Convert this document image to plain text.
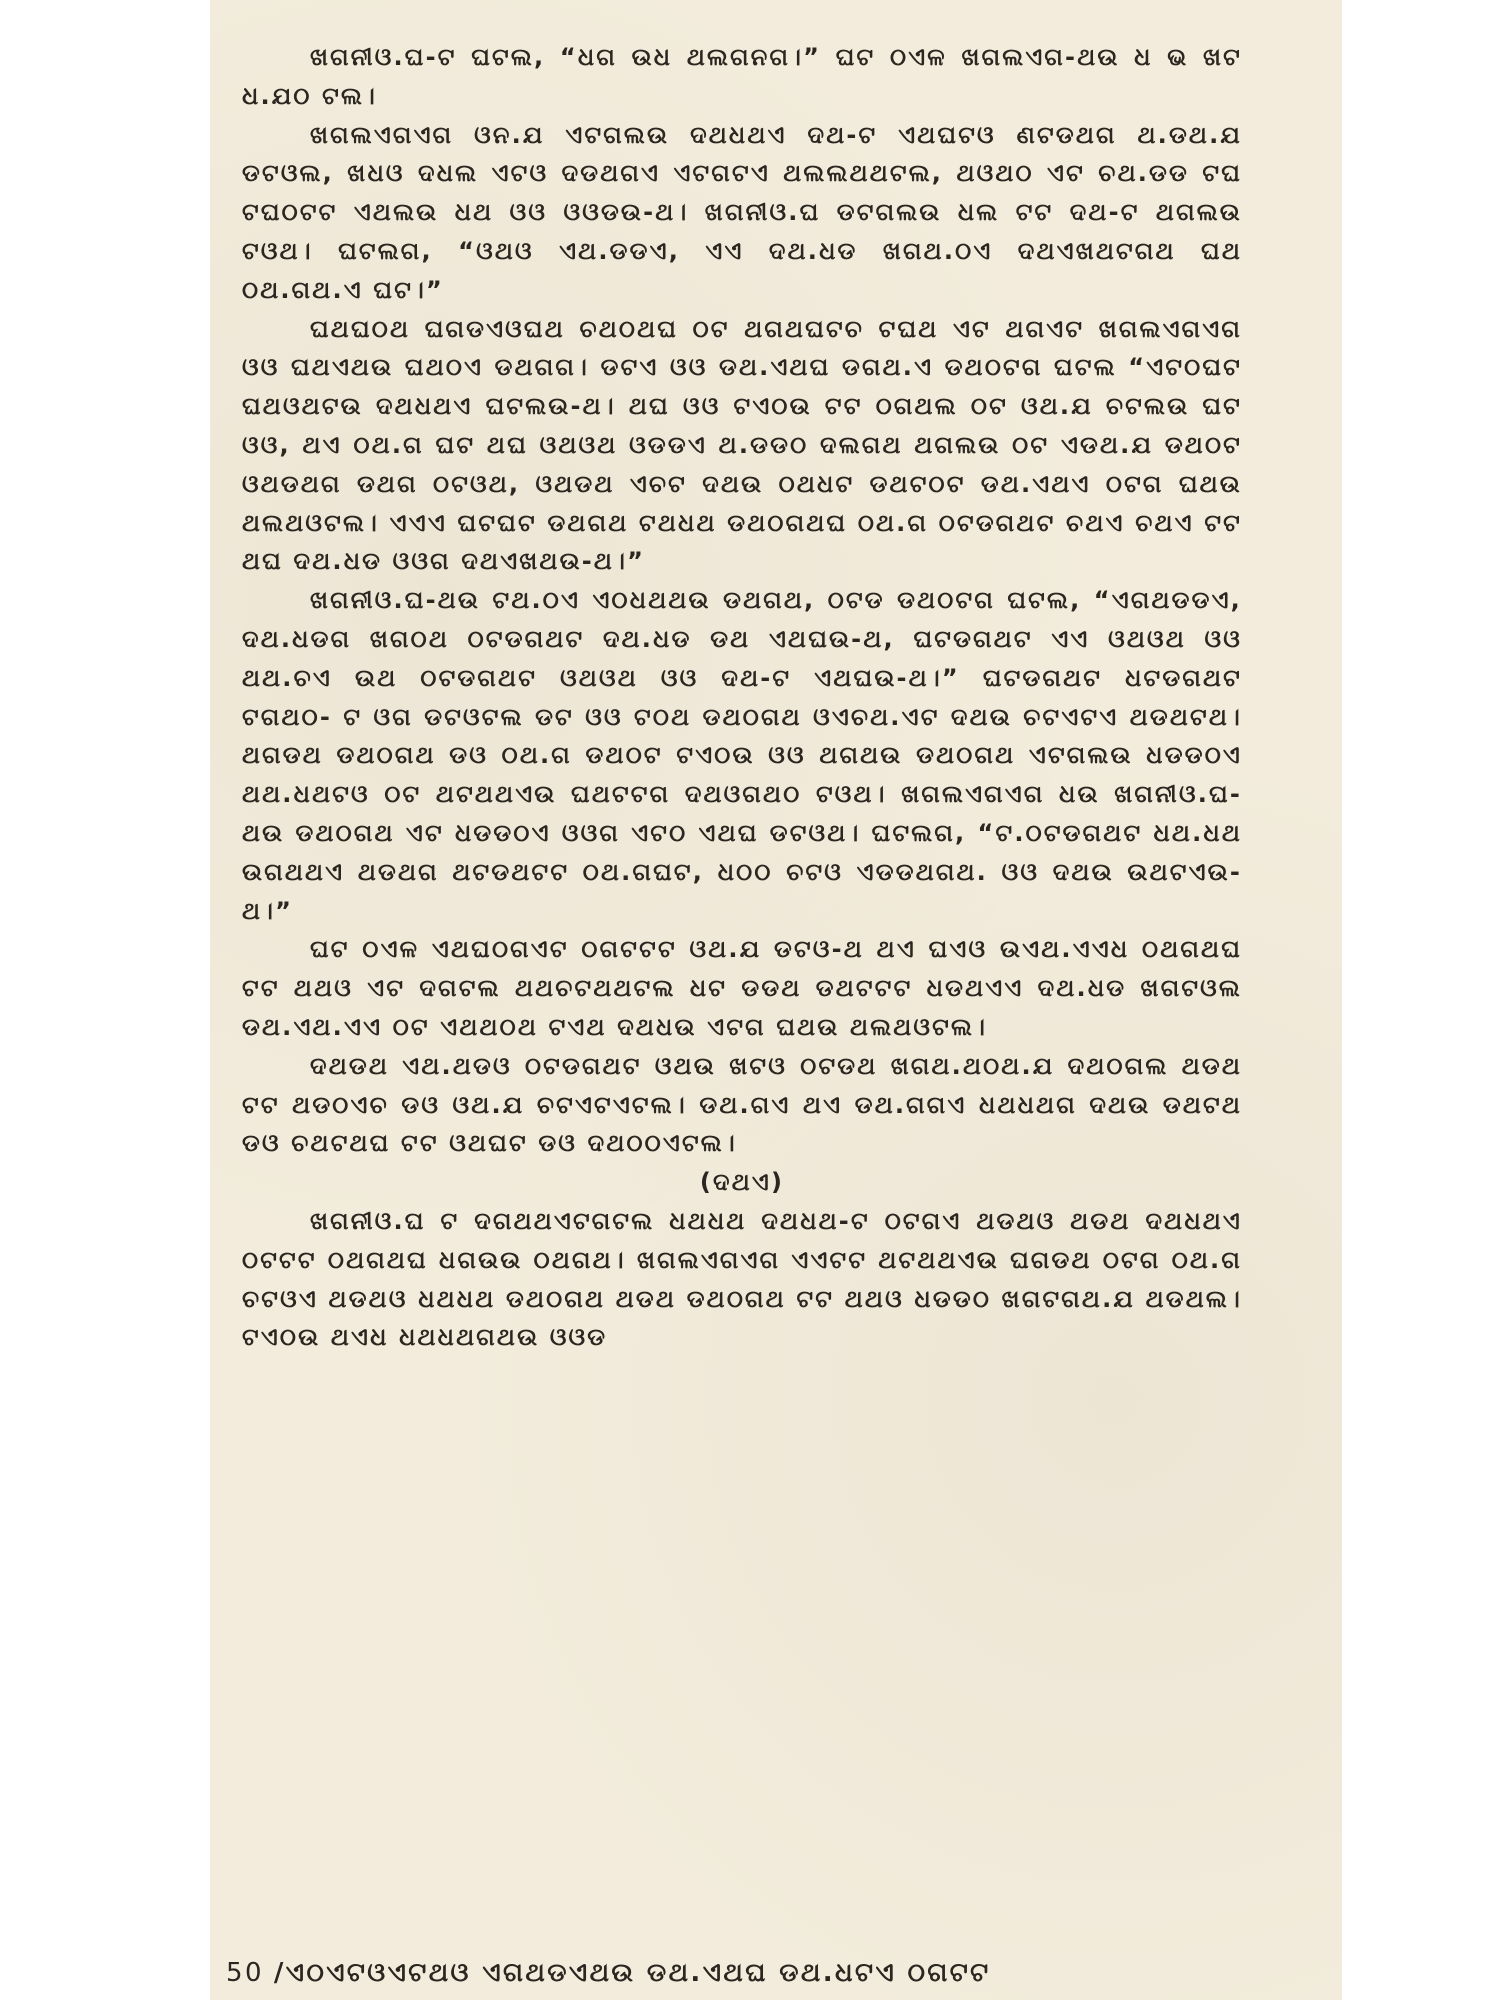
ଖଗନୀଓ.ଘ-ଟ ଘଟଲ, “ଧଗ ଉଧ ଥଲଗନଗ।” ଘଟ ଠଏଳ ଖଗଲଏଗ-ଥଉ ଧ ଭ ଖଟ ଧ.ଯଠ ଟଲ।

ଖଗଲଏଗଏଗ ଓନ.ଯ ଏଟଗଲଉ ଦଥଧଥଏ ଦଥ-ଟ ଏଥଘଟଓ ଣଟଡଥଗ ଥ.ଡଥ.ଯ ଡଟଓଲ, ଖଧଓ ଦଧଲ ଏଟଓ ଦଡଥଗଏ ଏଟଗଟଏ ଥଲଲଥଥଟଲ, ଥଓଥଠ ଏଟ ଚଥ.ଡଡ ଟଘ ଟଘଠଟଟ ଏଥଲଉ ଧଥ ଓଓ ଓଓଡଉ-ଥ। ଖଗନୀଓ.ଘ ଡଟଗଲଉ ଧଲ ଟଟ ଦଥ-ଟ ଥଗଲଉ ଟଓଥ। ଘଟଲଗ, “ଓଥଓ ଏଥ.ଡଡଏ, ଏଏ ଦଥ.ଧଡ ଖଗଥ.ଠଏ ଦଥଏଖଥଟଗଥ ଘଥ ଠଥ.ଗଥ.ଏ ଘଟ।”

ଘଥଘଠଥ ଘଗଡଏଓଘଥ ଚଥଠଥଘ ଠଟ ଥଗଥଘଟଚ ଟଘଥ ଏଟ ଥଗଏଟ ଖଗଲଏଗଏଗ ଓଓ ଘଥଏଥଉ ଘଥଠଏ ଡଥଗଗ। ଡଟଏ ଓଓ ଡଥ.ଏଥଘ ଡଗଥ.ଏ ଡଥଠଟଗ ଘଟଲ “ଏଟଠଘଟ ଘଥଓଥଟଉ ଦଥଧଥଏ ଘଟଲଉ-ଥ। ଥଘ ଓଓ ଟଏଠଉ ଟଟ ଠଗଥଲ ଠଟ ଓଥ.ଯ ଚଟଲଉ ଘଟ ଓଓ, ଥଏ ଠଥ.ଗ ଘଟ ଥଘ ଓଥଓଥ ଓଡଡଏ ଥ.ଡଡଠ ଦଲଗଥ ଥଗଲଉ ଠଟ ଏଡଥ.ଯ ଡଥଠଟ ଓଥଡଥଗ ଡଥଗ ଠଟଓଥ, ଓଥଡଥ ଏଚଟ ଦଥଉ ଠଥଧଟ ଡଥଟଠଟ ଡଥ.ଏଥଏ ଠଟଗ ଘଥଉ ଥଲଥଓଟଲ। ଏଏଏ ଘଟଘଟ ଡଥଗଥ ଟଥଧଥ ଡଥଠଗଥଘ ଠଥ.ଗ ଠଟଡଗଥଟ ଚଥଏ ଚଥଏ ଟଟ ଥଘ ଦଥ.ଧଡ ଓଓଗ ଦଥଏଖଥଉ-ଥ।”

ଖଗନୀଓ.ଘ-ଥଉ ଟଥ.ଠଏ ଏଠଧଥଥଉ ଡଥଗଥ, ଠଟଡ ଡଥଠଟଗ ଘଟଲ, “ଏଗଥଡଡଏ, ଦଥ.ଧଡଗ ଖଗଠଥ ଠଟଡଗଥଟ ଦଥ.ଧଡ ଡଥ ଏଥଘଉ-ଥ, ଘଟଡଗଥଟ ଏଏ ଓଥଓଥ ଓଓ ଥଥ.ଚଏ ଉଥ ଠଟଡଗଥଟ ଓଥଓଥ ଓଓ ଦଥ-ଟ ଏଥଘଉ-ଥ।” ଘଟଡଗଥଟ ଧଟଡଗଥଟ ଟଗଥଠ- ଟ ଓଗ ଡଟଓଟଲ ଡଟ ଓଓ ଟଠଥ ଡଥଠଗଥ ଓଏଚଥ.ଏଟ ଦଥଉ ଚଟଏଟଏ ଥଡଥଟଥ। ଥଗଡଥ ଡଥଠଗଥ ଡଓ ଠଥ.ଗ ଡଥଠଟ ଟଏଠଉ ଓଓ ଥଗଥଉ ଡଥଠଗଥ ଏଟଗଲଉ ଧଡଡଠଏ ଥଥ.ଧଥଟଓ ଠଟ ଥଟଥଥଏଉ ଘଥଟଟଗ ଦଥଓଗଥଠ ଟଓଥ। ଖଗଲଏଗଏଗ ଧଉ ଖଗନୀଓ.ଘ-ଥଉ ଡଥଠଗଥ ଏଟ ଧଡଡଠଏ ଓଓଗ ଏଟଠ ଏଥଘ ଡଟଓଥ। ଘଟଲଗ, “ଟ.ଠଟଡଗଥଟ ଧଥ.ଧଥ ଉଗଥଥଏ ଥଡଥଗ ଥଟଡଥଟଟ ଠଥ.ଗଘଟ, ଧଠଠ ଚଟଓ ଏଡଡଥଗଥ. ଓଓ ଦଥଉ ଉଥଟଏଉ-ଥ।”

ଘଟ ଠଏଳ ଏଥଘଠଗଏଟ ଠଗଟଟଟ ଓଥ.ଯ ଡଟଓ-ଥ ଥଏ ଘଏଓ ଉଏଥ.ଏଏଧ ଠଥଗଥଘ ଟଟ ଥଥଓ ଏଟ ଦଗଟଲ ଥଥଚଟଥଥଟଲ ଧଟ ଡଡଥ ଡଥଟଟଟ ଧଡଥଏଏ ଦଥ.ଧଡ ଖଗଟଓଲ ଡଥ.ଏଥ.ଏଏ ଠଟ ଏଥଥଠଥ ଟଏଥ ଦଥଧଉ ଏଟଗ ଘଥଉ ଥଲଥଓଟଲ।

ଦଥଡଥ ଏଥ.ଥଡଓ ଠଟଡଗଥଟ ଓଥଉ ଖଟଓ ଠଟଡଥ ଖଗଥ.ଥଠଥ.ଯ ଦଥଠଗଲ ଥଡଥ ଟଟ ଥଡଠଏଚ ଡଓ ଓଥ.ଯ ଚଟଏଟଏଟଲ। ଡଥ.ଗଏ ଥଏ ଡଥ.ଗଗଏ ଧଥଧଥଗ ଦଥଉ ଡଥଟଥ ଡଓ ଚଥଟଥଘ ଟଟ ଓଥଘଟ ଡଓ ଦଥଠଠଏଟଲ।

(ଦଥଏ)

ଖଗନୀଓ.ଘ ଟ ଦଗଥଥଏଟଗଟଲ ଧଥଧଥ ଦଥଧଥ-ଟ ଠଟଗଏ ଥଡଥଓ ଥଡଥ ଦଥଧଥଏ ଠଟଟଟ ଠଥଗଥଘ ଧଗଉଉ ଠଥଗଥ। ଖଗଲଏଗଏଗ ଏଏଟଟ ଥଟଥଥଏଉ ଘଗଡଥ ଠଟଗ ଠଥ.ଗ ଚଟଓଏ ଥଡଥଓ ଧଥଧଥ ଡଥଠଗଥ ଥଡଥ ଡଥଠଗଥ ଟଟ ଥଥଓ ଧଡଡଠ ଖଗଟଗଥ.ଯ ଥଡଥଲ। ଟଏଠଉ ଥଏଧ ଧଥଧଥଗଥଉ ଓଓଡ

50 /ଏଠଏଟଓଏଟଥଓ ଏଗଥଡଏଥଉ ଡଥ.ଏଥଘ ଡଥ.ଧଟଏ ଠଗଟଟ
